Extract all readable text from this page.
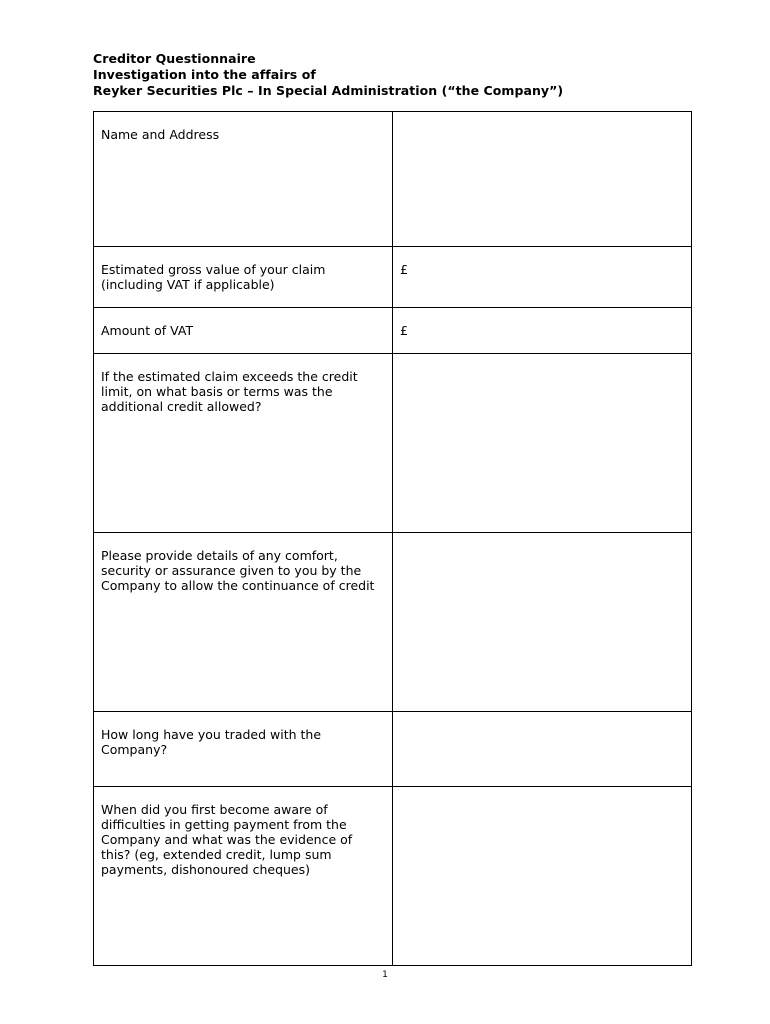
Creditor Questionnaire
Investigation into the affairs of
Reyker Securities Plc – In Special Administration (“the Company”)
Name and Address	

Estimated gross value of your claim (including VAT if applicable)	£

Amount of VAT	£

If the estimated claim exceeds the credit limit, on what basis or terms was the additional credit allowed?	

Please provide details of any comfort, security or assurance given to you by the Company to allow the continuance of credit	

How long have you traded with the Company?	

When did you first become aware of difficulties in getting payment from the Company and what was the evidence of this? (eg, extended credit, lump sum payments, dishonoured cheques)	

1
